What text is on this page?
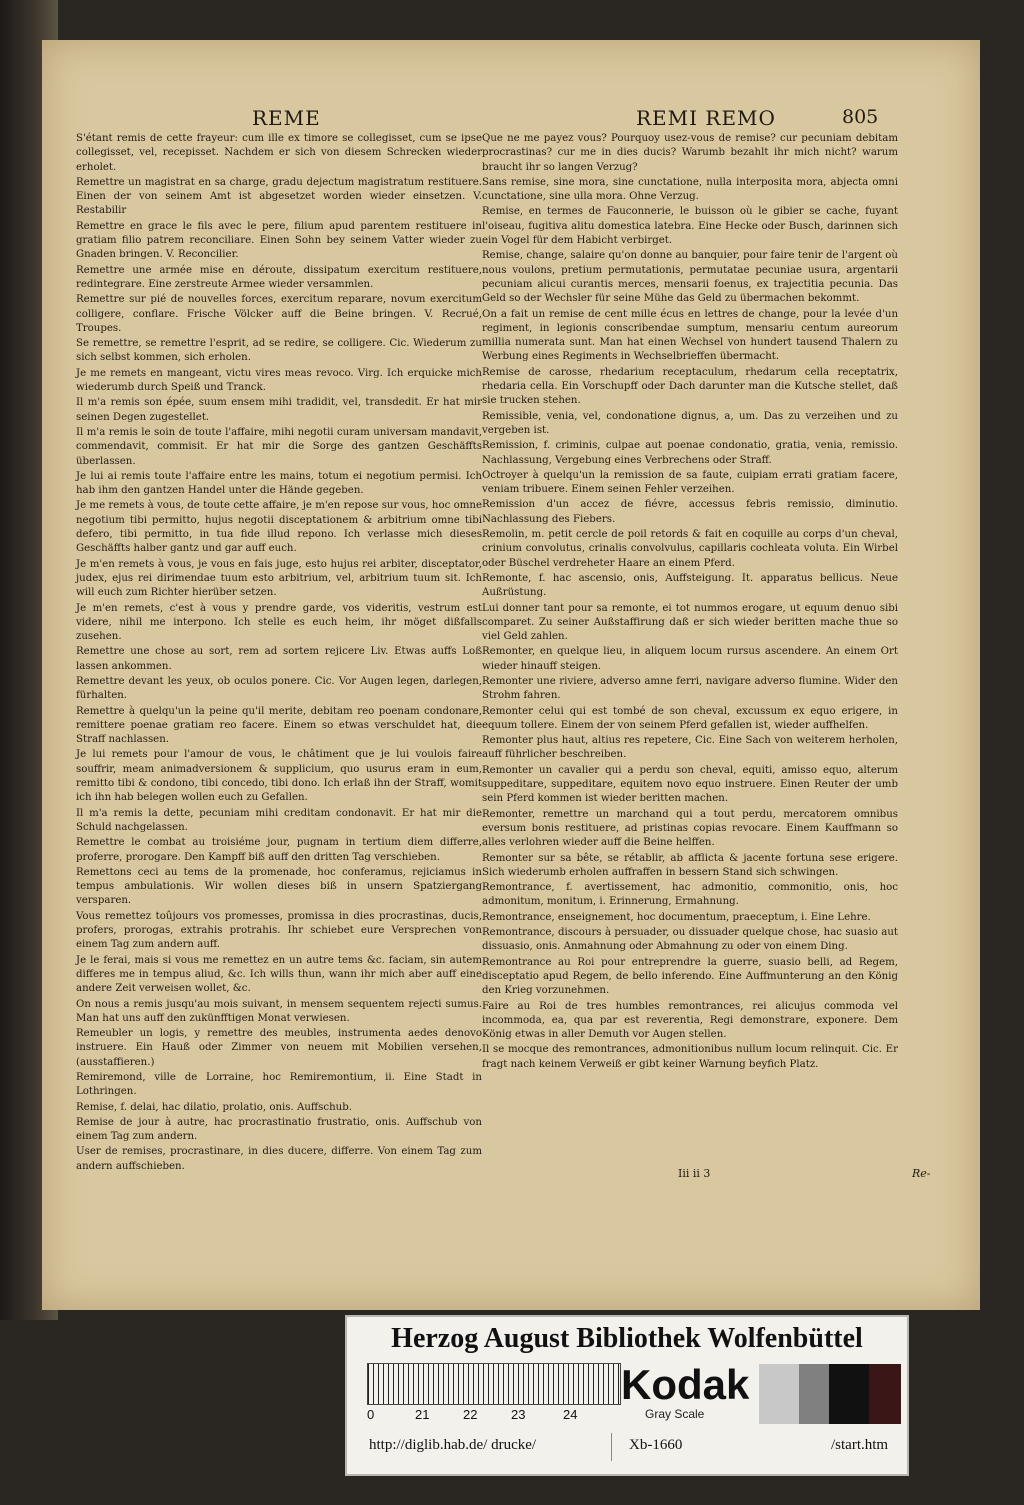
REME	REMI REMO	805
S'étant remis de cette frayeur: cum ille ex timore se collegisset, cum se ipse collegisset, vel, recepisset. Nachdem er sich von diesem Schrecken wieder erholet.
Remettre un magistrat en sa charge, gradu dejectum magistratum restituere. Einen der von seinem Amt ist abgesetzet worden wieder einsetzen. V. Restabilir
Remettre en grace le fils avec le pere, filium apud parentem restituere in gratiam filio patrem reconciliare. Einen Sohn bey seinem Vatter wieder zu Gnaden bringen. V. Reconcilier.
Remettre une armée mise en déroute, dissipatum exercitum restituere, redintegrare. Eine zerstreute Armee wieder versammlen.
Remettre sur pié de nouvelles forces, exercitum reparare, novum exercitum colligere, conflare. Frische Völcker auff die Beine bringen. V. Recrué, Troupes.
Se remettre, se remettre l'esprit, ad se redire, se colligere. Cic. Wiederum zu sich selbst kommen, sich erholen.
Je me remets en mangeant, victu vires meas revoco. Virg. Ich erquicke mich wiederumb durch Speiß und Tranck.
Il m'a remis son épée, suum ensem mihi tradidit, vel, transdedit. Er hat mir seinen Degen zugestellet.
Il m'a remis le soin de toute l'affaire, mihi negotii curam universam mandavit, commendavit, commisit. Er hat mir die Sorge des gantzen Geschäffts überlassen.
Je lui ai remis toute l'affaire entre les mains, totum ei negotium permisi. Ich hab ihm den gantzen Handel unter die Hände gegeben.
Je me remets à vous, de toute cette affaire, je m'en repose sur vous, hoc omne negotium tibi permitto, hujus negotii disceptationem & arbitrium omne tibi defero, tibi permitto, in tua fide illud repono. Ich verlasse mich dieses Geschäffts halber gantz und gar auff euch.
Je m'en remets à vous, je vous en fais juge, esto hujus rei arbiter, disceptator, judex, ejus rei dirimendae tuum esto arbitrium, vel, arbitrium tuum sit. Ich will euch zum Richter hierüber setzen.
Je m'en remets, c'est à vous y prendre garde, vos videritis, vestrum est videre, nihil me interpono. Ich stelle es euch heim, ihr möget dißfalls zusehen.
Remettre une chose au sort, rem ad sortem rejicere Liv. Etwas auffs Loß lassen ankommen.
Remettre devant les yeux, ob oculos ponere. Cic. Vor Augen legen, darlegen, fürhalten.
Remettre à quelqu'un la peine qu'il merite, debitam reo poenam condonare, remittere poenae gratiam reo facere. Einem so etwas verschuldet hat, die Straff nachlassen.
Je lui remets pour l'amour de vous, le châtiment que je lui voulois faire souffrir, meam animadversionem & supplicium, quo usurus eram in eum, remitto tibi & condono, tibi concedo, tibi dono. Ich erlaß ihn der Straff, womit ich ihn hab belegen wollen euch zu Gefallen.
Il m'a remis la dette, pecuniam mihi creditam condonavit. Er hat mir die Schuld nachgelassen.
Remettre le combat au troisiéme jour, pugnam in tertium diem differre, proferre, prorogare. Den Kampff biß auff den dritten Tag verschieben.
Remettons ceci au tems de la promenade, hoc conferamus, rejiciamus in tempus ambulationis. Wir wollen dieses biß in unsern Spatziergang versparen.
Vous remettez toûjours vos promesses, promissa in dies procrastinas, ducis, profers, prorogas, extrahis protrahis. Ihr schiebet eure Versprechen von einem Tag zum andern auff.
Je le ferai, mais si vous me remettez en un autre tems &c. faciam, sin autem differes me in tempus aliud, &c. Ich wills thun, wann ihr mich aber auff eine andere Zeit verweisen wollet, &c.
On nous a remis jusqu'au mois suivant, in mensem sequentem rejecti sumus. Man hat uns auff den zukünfftigen Monat verwiesen.
Remeubler un logis, y remettre des meubles, instrumenta aedes denovo instruere. Ein Hauß oder Zimmer von neuem mit Mobilien versehen, (ausstaffieren.)
Remiremond, ville de Lorraine, hoc Remiremontium, ii. Eine Stadt in Lothringen.
Remise, f. delai, hac dilatio, prolatio, onis. Auffschub.
Remise de jour à autre, hac procrastinatio frustratio, onis. Auffschub von einem Tag zum andern.
User de remises, procrastinare, in dies ducere, differre. Von einem Tag zum andern auffschieben.
Que ne me payez vous? Pourquoy usez-vous de remise? cur pecuniam debitam procrastinas? cur me in dies ducis? Warumb bezahlt ihr mich nicht? warum braucht ihr so langen Verzug?
Sans remise, sine mora, sine cunctatione, nulla interposita mora, abjecta omni cunctatione, sine ulla mora. Ohne Verzug.
Remise, en termes de Fauconnerie, le buisson où le gibier se cache, fuyant l'oiseau, fugitiva alitu domestica latebra. Eine Hecke oder Busch, darinnen sich ein Vogel für dem Habicht verbirget.
Remise, change, salaire qu'on donne au banquier, pour faire tenir de l'argent où nous voulons, pretium permutationis, permutatae pecuniae usura, argentarii pecuniam alicui curantis merces, mensarii foenus, ex trajectitia pecunia. Das Geld so der Wechsler für seine Mühe das Geld zu übermachen bekommt.
On a fait un remise de cent mille écus en lettres de change, pour la levée d'un regiment, in legionis conscribendae sumptum, mensariu centum aureorum millia numerata sunt. Man hat einen Wechsel von hundert tausend Thalern zu Werbung eines Regiments in Wechselbrieffen übermacht.
Remise de carosse, rhedarium receptaculum, rhedarum cella receptatrix, rhedaria cella. Ein Vorschupff oder Dach darunter man die Kutsche stellet, daß sie trucken stehen.
Remissible, venia, vel, condonatione dignus, a, um. Das zu verzeihen und zu vergeben ist.
Remission, f. criminis, culpae aut poenae condonatio, gratia, venia, remissio. Nachlassung, Vergebung eines Verbrechens oder Straff.
Octroyer à quelqu'un la remission de sa faute, cuipiam errati gratiam facere, veniam tribuere. Einem seinen Fehler verzeihen.
Remission d'un accez de fiévre, accessus febris remissio, diminutio. Nachlassung des Fiebers.
Remolin, m. petit cercle de poil retords & fait en coquille au corps d'un cheval, crinium convolutus, crinalis convolvulus, capillaris cochleata voluta. Ein Wirbel oder Büschel verdreheter Haare an einem Pferd.
Remonte, f. hac ascensio, onis, Auffsteigung. It. apparatus bellicus. Neue Außrüstung.
Lui donner tant pour sa remonte, ei tot nummos erogare, ut equum denuo sibi comparet. Zu seiner Außstaffirung daß er sich wieder beritten mache thue so viel Geld zahlen.
Remonter, en quelque lieu, in aliquem locum rursus ascendere. An einem Ort wieder hinauff steigen.
Remonter une riviere, adverso amne ferri, navigare adverso flumine. Wider den Strohm fahren.
Remonter celui qui est tombé de son cheval, excussum ex equo erigere, in equum tollere. Einem der von seinem Pferd gefallen ist, wieder auffhelfen.
Remonter plus haut, altius res repetere, Cic. Eine Sach von weiterem herholen, auff führlicher beschreiben.
Remonter un cavalier qui a perdu son cheval, equiti, amisso equo, alterum suppeditare, suppeditare, equitem novo equo instruere. Einen Reuter der umb sein Pferd kommen ist wieder beritten machen.
Remonter, remettre un marchand qui a tout perdu, mercatorem omnibus eversum bonis restituere, ad pristinas copias revocare. Einem Kauffmann so alles verlohren wieder auff die Beine helffen.
Remonter sur sa bête, se rétablir, ab afflicta & jacente fortuna sese erigere. Sich wiederumb erholen auffraffen in bessern Stand sich schwingen.
Remontrance, f. avertissement, hac admonitio, commonitio, onis, hoc admonitum, monitum, i. Erinnerung, Ermahnung.
Remontrance, enseignement, hoc documentum, praeceptum, i. Eine Lehre.
Remontrance, discours à persuader, ou dissuader quelque chose, hac suasio aut dissuasio, onis. Anmahnung oder Abmahnung zu oder von einem Ding.
Remontrance au Roi pour entreprendre la guerre, suasio belli, ad Regem, disceptatio apud Regem, de bello inferendo. Eine Auffmunterung an den König den Krieg vorzunehmen.
Faire au Roi de tres humbles remontrances, rei alicujus commoda vel incommoda, ea, qua par est reverentia, Regi demonstrare, exponere. Dem König etwas in aller Demuth vor Augen stellen.
Il se mocque des remontrances, admonitionibus nullum locum relinquit. Cic. Er fragt nach keinem Verweiß er gibt keiner Warnung beyfich Platz.
Iii ii 3	Re-
Herzog August Bibliothek Wolfenbüttel
0	21	22	23	24
Kodak
Gray Scale
http://diglib.hab.de/ drucke/	Xb-1660	/start.htm
